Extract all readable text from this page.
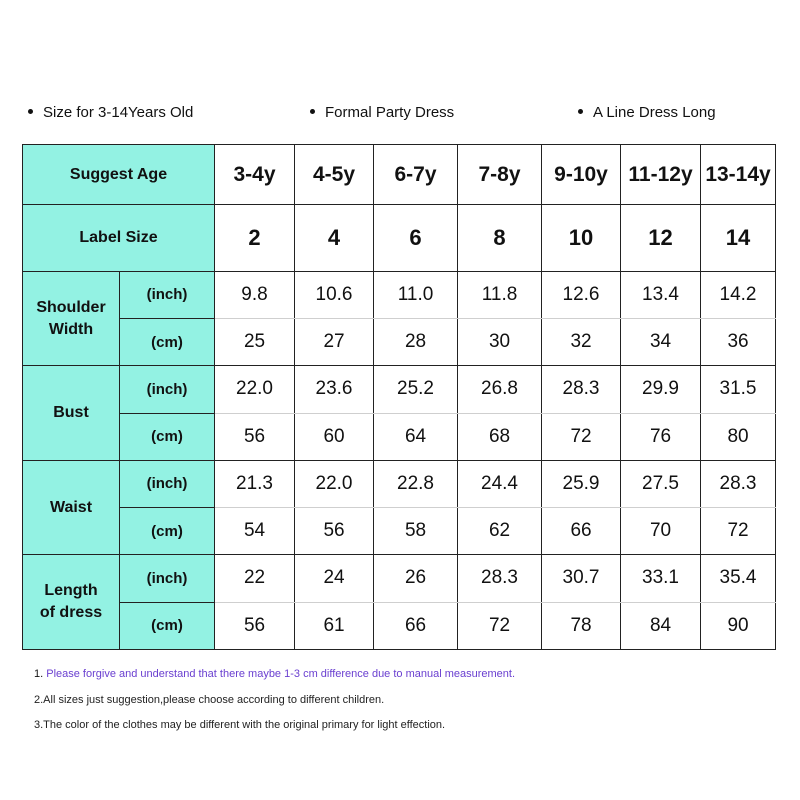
Size for 3-14Years Old	Formal Party Dress	A Line Dress Long
Suggest Age		3-4y	4-5y	6-7y	7-8y	9-10y	11-12y	13-14y
Label Size		2	4	6	8	10	12	14

Shoulder
Width	(inch)	9.8	10.6	11.0	11.8	12.6	13.4	14.2
	(cm)	25	27	28	30	32	34	36

Bust	(inch)	22.0	23.6	25.2	26.8	28.3	29.9	31.5
	(cm)	56	60	64	68	72	76	80

Waist	(inch)	21.3	22.0	22.8	24.4	25.9	27.5	28.3
	(cm)	54	56	58	62	66	70	72

Length
of dress	(inch)	22	24	26	28.3	30.7	33.1	35.4
	(cm)	56	61	66	72	78	84	90
1. Please forgive and understand that there maybe 1-3 cm difference due to manual measurement.
2.All sizes just suggestion,please choose according to different children.
3.The color of the clothes may be different with the original primary for light effection.
